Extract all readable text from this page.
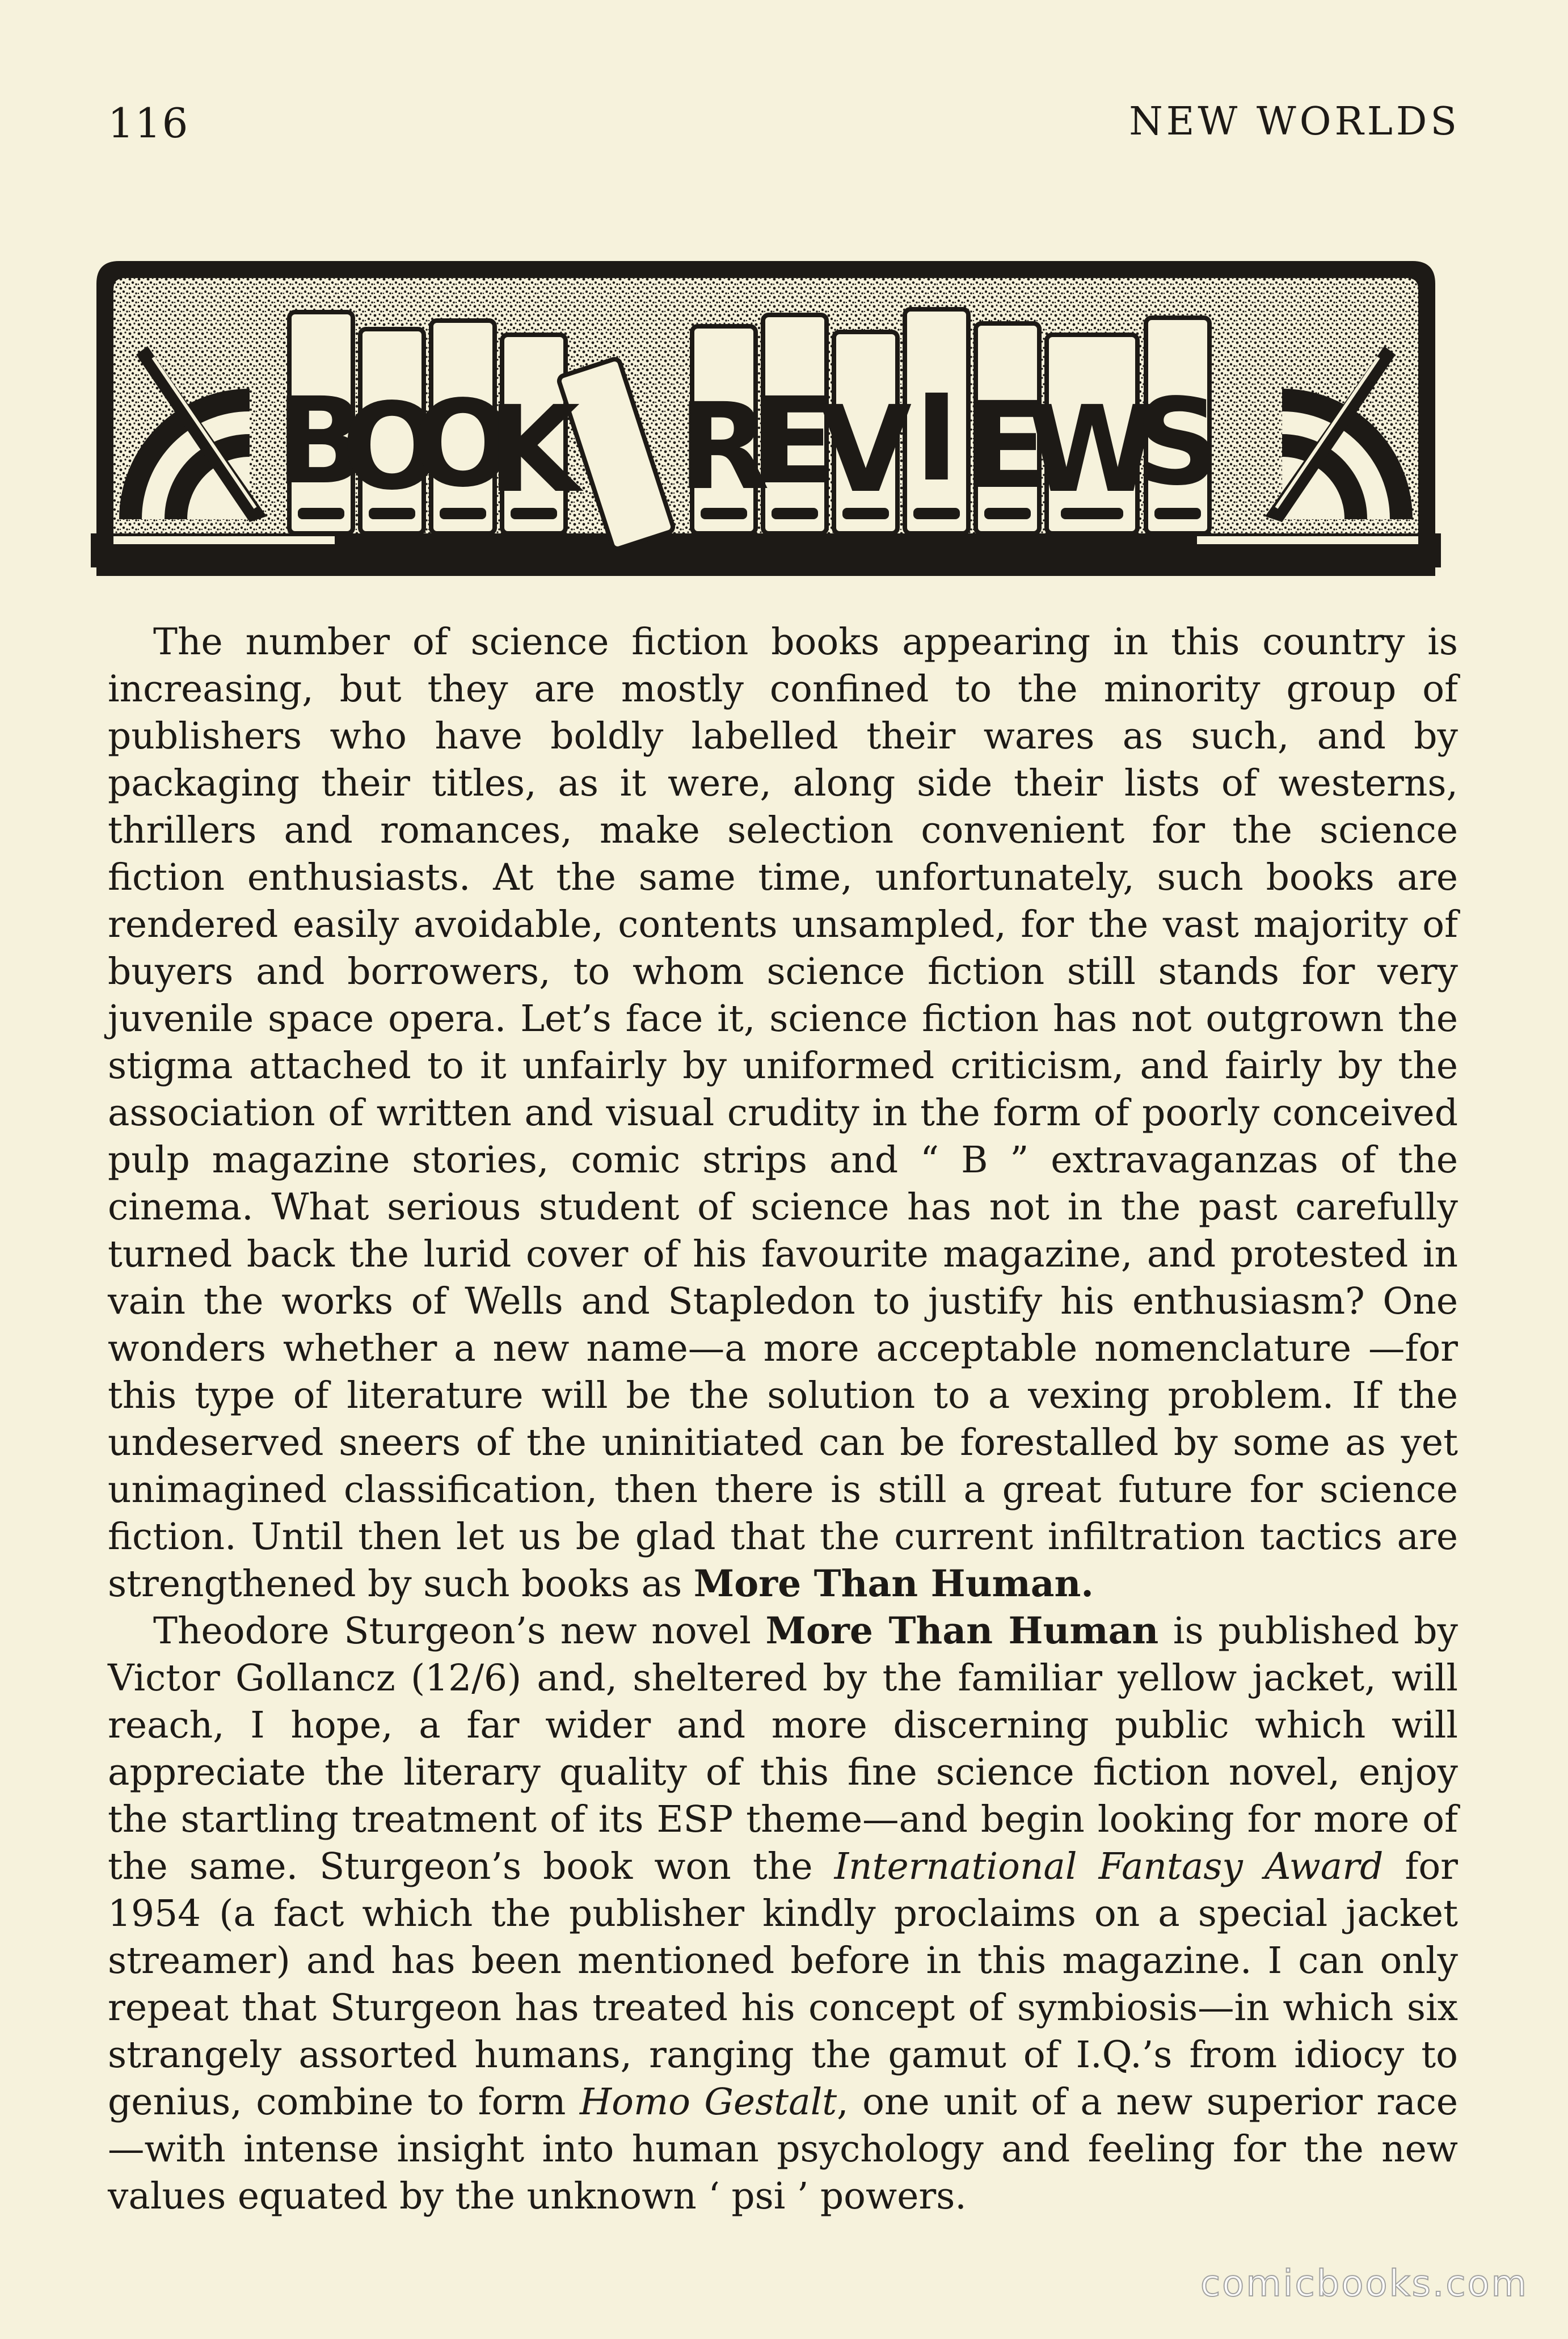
116	NEW WORLDS
B
O
O
K R
E
V I E
W
S

The number of science fiction books appearing in this country is increasing, but they are mostly confined to the minority group of publishers who have boldly labelled their wares as such, and by packaging their titles, as it were, along side their lists of westerns, thrillers and romances, make selection convenient for the science fiction enthusiasts. At the same time, unfortunately, such books are rendered easily avoidable, contents unsampled, for the vast majority of buyers and borrowers, to whom science fiction still stands for very juvenile space opera. Let’s face it, science fiction has not outgrown the stigma attached to it unfairly by uniformed criticism, and fairly by the association of written and visual crudity in the form of poorly conceived pulp magazine stories, comic strips and “ B ” extravaganzas of the cinema. What serious student of science has not in the past carefully turned back the lurid cover of his favourite magazine, and protested in vain the works of Wells and Stapledon to justify his enthusiasm? One wonders whether a new name—a more acceptable nomenclature —for this type of literature will be the solution to a vexing problem. If the undeserved sneers of the uninitiated can be forestalled by some as yet unimagined classification, then there is still a great future for science fiction. Until then let us be glad that the current infiltration tactics are strengthened by such books as More Than Human.

Theodore Sturgeon’s new novel More Than Human is published by Victor Gollancz (12/6) and, sheltered by the familiar yellow jacket, will reach, I hope, a far wider and more discerning public which will appreciate the literary quality of this fine science fiction novel, enjoy the startling treatment of its ESP theme—and begin looking for more of the same. Sturgeon’s book won the International Fantasy Award for 1954 (a fact which the publisher kindly proclaims on a special jacket streamer) and has been mentioned before in this magazine. I can only repeat that Sturgeon has treated his concept of symbiosis—in which six strangely assorted humans, ranging the gamut of I.Q.’s from idiocy to genius, combine to form Homo Gestalt, one unit of a new superior race—with intense insight into human psychology and feeling for the new values equated by the unknown ‘ psi ’ powers.

comicbooks.com
